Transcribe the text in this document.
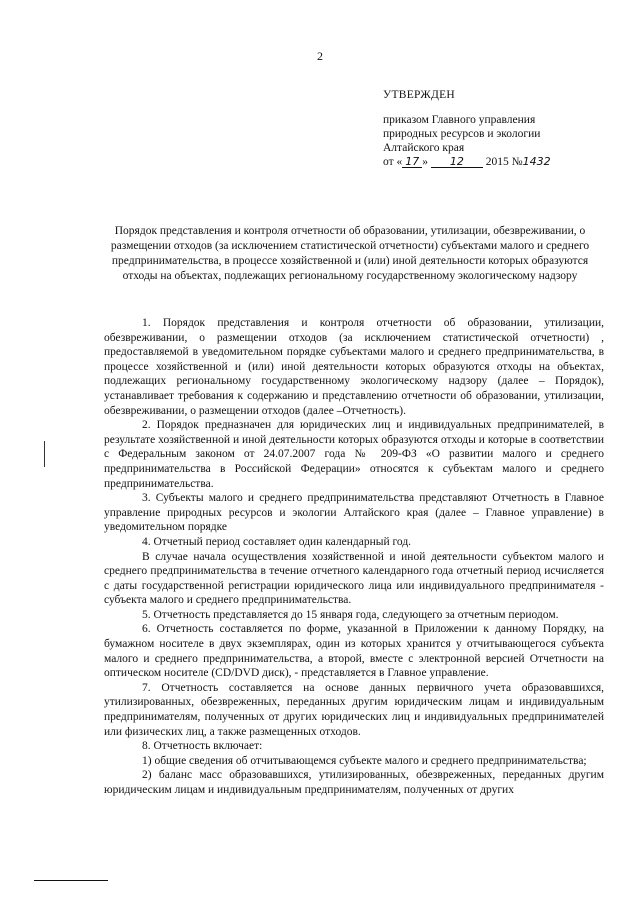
2
УТВЕРЖДЕН
приказом Главного управления
природных ресурсов и экологии
Алтайского края
от « 17 » 12 2015 №1432
Порядок представления и контроля отчетности об образовании, утилизации, обезвреживании, о размещении отходов (за исключением статистической отчетности) субъектами малого и среднего предпринимательства, в процессе хозяйственной и (или) иной деятельности которых образуются отходы на объектах, подлежащих региональному государственному экологическому надзору

1. Порядок представления и контроля отчетности об образовании, утилизации, обезвреживании, о размещении отходов (за исключением статистической отчетности) , предоставляемой в уведомительном порядке субъектами малого и среднего предпринимательства, в процессе хозяйственной и (или) иной деятельности которых образуются отходы на объектах, подлежащих региональному государственному экологическому надзору (далее – Порядок), устанавливает требования к содержанию и представлению отчетности об образовании, утилизации, обезвреживании, о размещении отходов (далее –Отчетность).

2. Порядок предназначен для юридических лиц и индивидуальных предпринимателей, в результате хозяйственной и иной деятельности которых образуются отходы и которые в соответствии с Федеральным законом от 24.07.2007 года № 209-ФЗ «О развитии малого и среднего предпринимательства в Российской Федерации» относятся к субъектам малого и среднего предпринимательства.

3. Субъекты малого и среднего предпринимательства представляют Отчетность в Главное управление природных ресурсов и экологии Алтайского края (далее – Главное управление) в уведомительном порядке

4. Отчетный период составляет один календарный год.

В случае начала осуществления хозяйственной и иной деятельности субъектом малого и среднего предпринимательства в течение отчетного календарного года отчетный период исчисляется с даты государственной регистрации юридического лица или индивидуального предпринимателя - субъекта малого и среднего предпринимательства.

5. Отчетность представляется до 15 января года, следующего за отчетным периодом.

6. Отчетность составляется по форме, указанной в Приложении к данному Порядку, на бумажном носителе в двух экземплярах, один из которых хранится у отчитывающегося субъекта малого и среднего предпринимательства, а второй, вместе с электронной версией Отчетности на оптическом носителе (CD/DVD диск), - представляется в Главное управление.

7. Отчетность составляется на основе данных первичного учета образовавшихся, утилизированных, обезвреженных, переданных другим юридическим лицам и индивидуальным предпринимателям, полученных от других юридических лиц и индивидуальных предпринимателей или физических лиц, а также размещенных отходов.

8. Отчетность включает:

1) общие сведения об отчитывающемся субъекте малого и среднего предпринимательства;

2) баланс масс образовавшихся, утилизированных, обезвреженных, переданных другим юридическим лицам и индивидуальным предпринимателям, полученных от других
